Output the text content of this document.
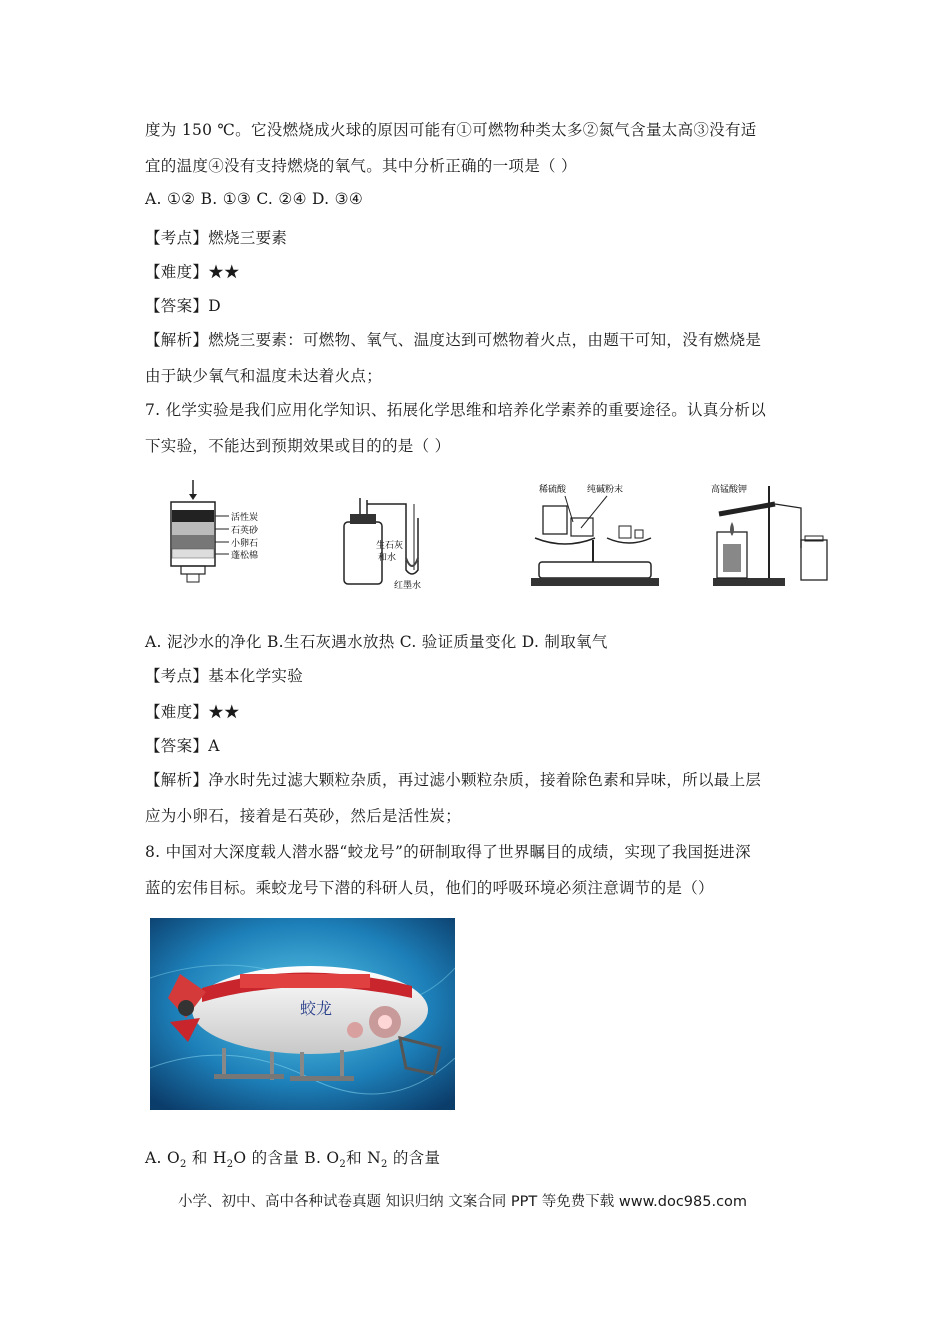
度为 150 ℃。它没燃烧成火球的原因可能有①可燃物种类太多②氮气含量太高③没有适
宜的温度④没有支持燃烧的氧气。其中分析正确的一项是（ ）
A. ①② B. ①③ C. ②④ D. ③④
【考点】燃烧三要素
【难度】★★
【答案】D
【解析】燃烧三要素：可燃物、氧气、温度达到可燃物着火点，由题干可知，没有燃烧是
由于缺少氧气和温度未达着火点；
7. 化学实验是我们应用化学知识、拓展化学思维和培养化学素养的重要途径。认真分析以
下实验，不能达到预期效果或目的的是（ ）
A. 泥沙水的净化 B.生石灰遇水放热 C. 验证质量变化 D. 制取氧气
【考点】基本化学实验
【难度】★★
【答案】A
【解析】净水时先过滤大颗粒杂质，再过滤小颗粒杂质，接着除色素和异味，所以最上层
应为小卵石，接着是石英砂，然后是活性炭；
8. 中国对大深度载人潜水器“蛟龙号”的研制取得了世界瞩目的成绩，实现了我国挺进深
蓝的宏伟目标。乘蛟龙号下潜的科研人员，他们的呼吸环境必须注意调节的是（）
活性炭
石英砂
小卵石
蓬松棉
生石灰
和水
红墨水
稀硫酸 纯碱粉末	高锰酸钾
蛟龙
A. $O_2$ 和 $H_2O$ 的含量 B. $O_2$和 $N_2$ 的含量
小学、初中、高中各种试卷真题 知识归纳 文案合同 PPT 等免费下载 www.doc985.com
